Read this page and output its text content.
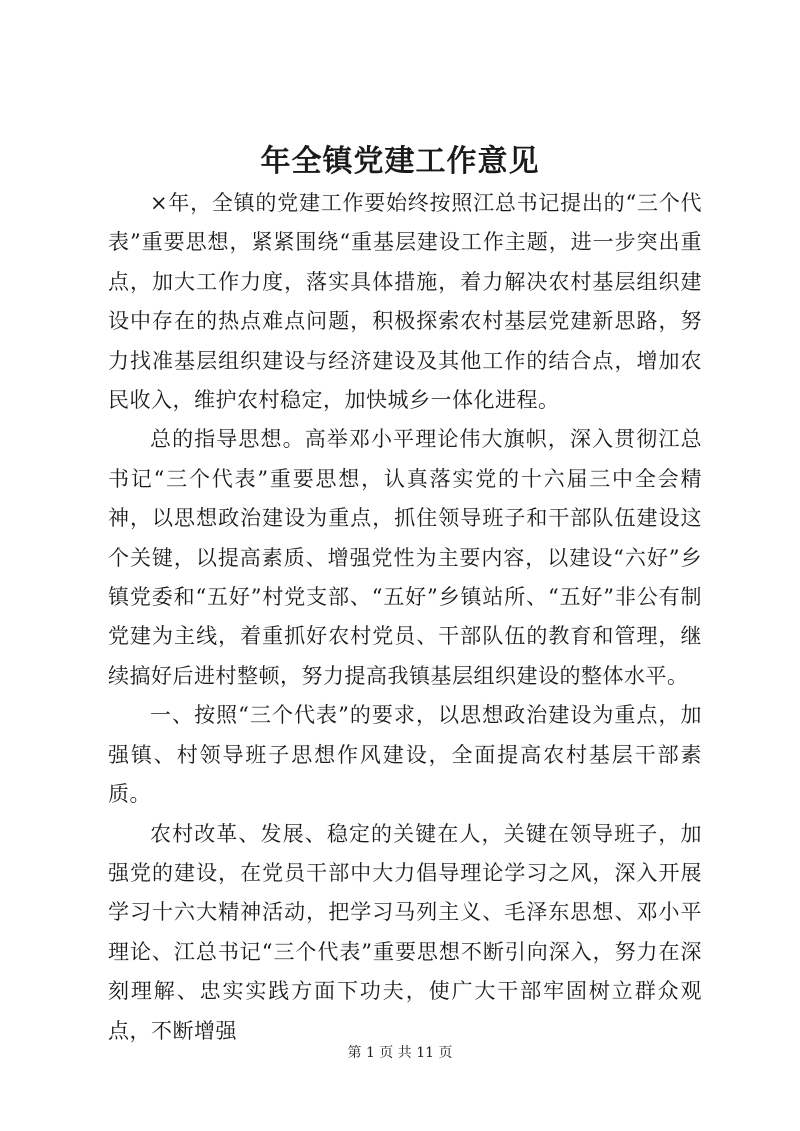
年全镇党建工作意见

×年，全镇的党建工作要始终按照江总书记提出的“三个代表”重要思想，紧紧围绕“重基层建设工作主题，进一步突出重点，加大工作力度，落实具体措施，着力解决农村基层组织建设中存在的热点难点问题，积极探索农村基层党建新思路，努力找准基层组织建设与经济建设及其他工作的结合点，增加农民收入，维护农村稳定，加快城乡一体化进程。

总的指导思想。高举邓小平理论伟大旗帜，深入贯彻江总书记“三个代表”重要思想，认真落实党的十六届三中全会精神，以思想政治建设为重点，抓住领导班子和干部队伍建设这个关键，以提高素质、增强党性为主要内容，以建设“六好”乡镇党委和“五好”村党支部、“五好”乡镇站所、“五好”非公有制党建为主线，着重抓好农村党员、干部队伍的教育和管理，继续搞好后进村整顿，努力提高我镇基层组织建设的整体水平。

一、按照“三个代表”的要求，以思想政治建设为重点，加强镇、村领导班子思想作风建设，全面提高农村基层干部素质。

农村改革、发展、稳定的关键在人，关键在领导班子，加强党的建设，在党员干部中大力倡导理论学习之风，深入开展学习十六大精神活动，把学习马列主义、毛泽东思想、邓小平理论、江总书记“三个代表”重要思想不断引向深入，努力在深刻理解、忠实实践方面下功夫，使广大干部牢固树立群众观点，不断增强

第 1 页 共 11 页
